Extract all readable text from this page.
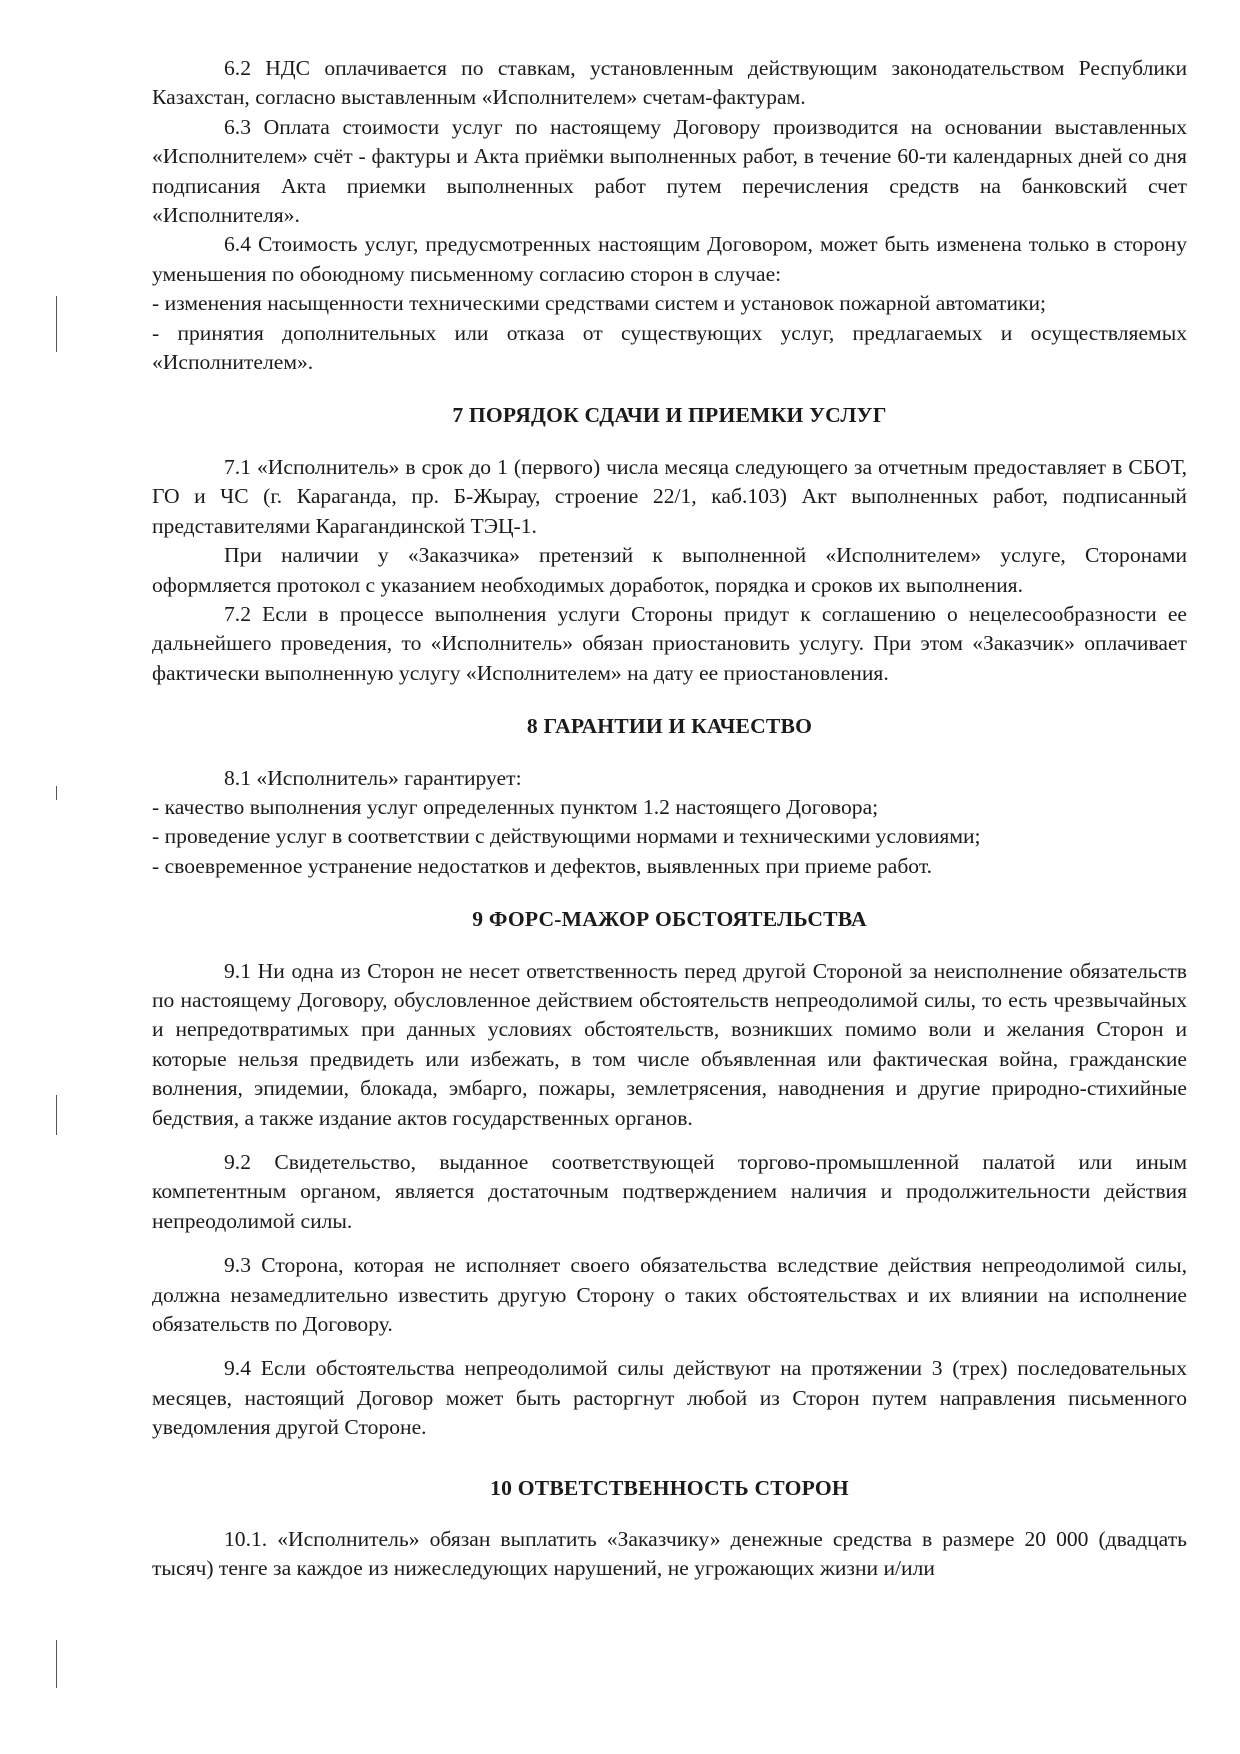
6.2 НДС оплачивается по ставкам, установленным действующим законодательством Республики Казахстан, согласно выставленным «Исполнителем» счетам-фактурам.

6.3 Оплата стоимости услуг по настоящему Договору производится на основании выставленных «Исполнителем» счёт - фактуры и Акта приёмки выполненных работ, в течение 60-ти календарных дней со дня подписания Акта приемки выполненных работ путем перечисления средств на банковский счет «Исполнителя».

6.4 Стоимость услуг, предусмотренных настоящим Договором, может быть изменена только в сторону уменьшения по обоюдному письменному согласию сторон в случае:

- изменения насыщенности техническими средствами систем и установок пожарной автоматики;

- принятия дополнительных или отказа от существующих услуг, предлагаемых и осуществляемых «Исполнителем».

7 ПОРЯДОК СДАЧИ И ПРИЕМКИ УСЛУГ

7.1 «Исполнитель» в срок до 1 (первого) числа месяца следующего за отчетным предоставляет в СБОТ, ГО и ЧС (г. Караганда, пр. Б-Жырау, строение 22/1, каб.103) Акт выполненных работ, подписанный представителями Карагандинской ТЭЦ-1.

При наличии у «Заказчика» претензий к выполненной «Исполнителем» услуге, Сторонами оформляется протокол с указанием необходимых доработок, порядка и сроков их выполнения.

7.2 Если в процессе выполнения услуги Стороны придут к соглашению о нецелесообразности ее дальнейшего проведения, то «Исполнитель» обязан приостановить услугу. При этом «Заказчик» оплачивает фактически выполненную услугу «Исполнителем» на дату ее приостановления.

8 ГАРАНТИИ И КАЧЕСТВО

8.1 «Исполнитель» гарантирует:

- качество выполнения услуг определенных пунктом 1.2 настоящего Договора;

- проведение услуг в соответствии с действующими нормами и техническими условиями;

- своевременное устранение недостатков и дефектов, выявленных при приеме работ.

9 ФОРС-МАЖОР ОБСТОЯТЕЛЬСТВА

9.1 Ни одна из Сторон не несет ответственность перед другой Стороной за неисполнение обязательств по настоящему Договору, обусловленное действием обстоятельств непреодолимой силы, то есть чрезвычайных и непредотвратимых при данных условиях обстоятельств, возникших помимо воли и желания Сторон и которые нельзя предвидеть или избежать, в том числе объявленная или фактическая война, гражданские волнения, эпидемии, блокада, эмбарго, пожары, землетрясения, наводнения и другие природно-стихийные бедствия, а также издание актов государственных органов.

9.2 Свидетельство, выданное соответствующей торгово-промышленной палатой или иным компетентным органом, является достаточным подтверждением наличия и продолжительности действия непреодолимой силы.

9.3 Сторона, которая не исполняет своего обязательства вследствие действия непреодолимой силы, должна незамедлительно известить другую Сторону о таких обстоятельствах и их влиянии на исполнение обязательств по Договору.

9.4 Если обстоятельства непреодолимой силы действуют на протяжении 3 (трех) последовательных месяцев, настоящий Договор может быть расторгнут любой из Сторон путем направления письменного уведомления другой Стороне.

10 ОТВЕТСТВЕННОСТЬ СТОРОН

10.1. «Исполнитель» обязан выплатить «Заказчику» денежные средства в размере 20 000 (двадцать тысяч) тенге за каждое из нижеследующих нарушений, не угрожающих жизни и/или
